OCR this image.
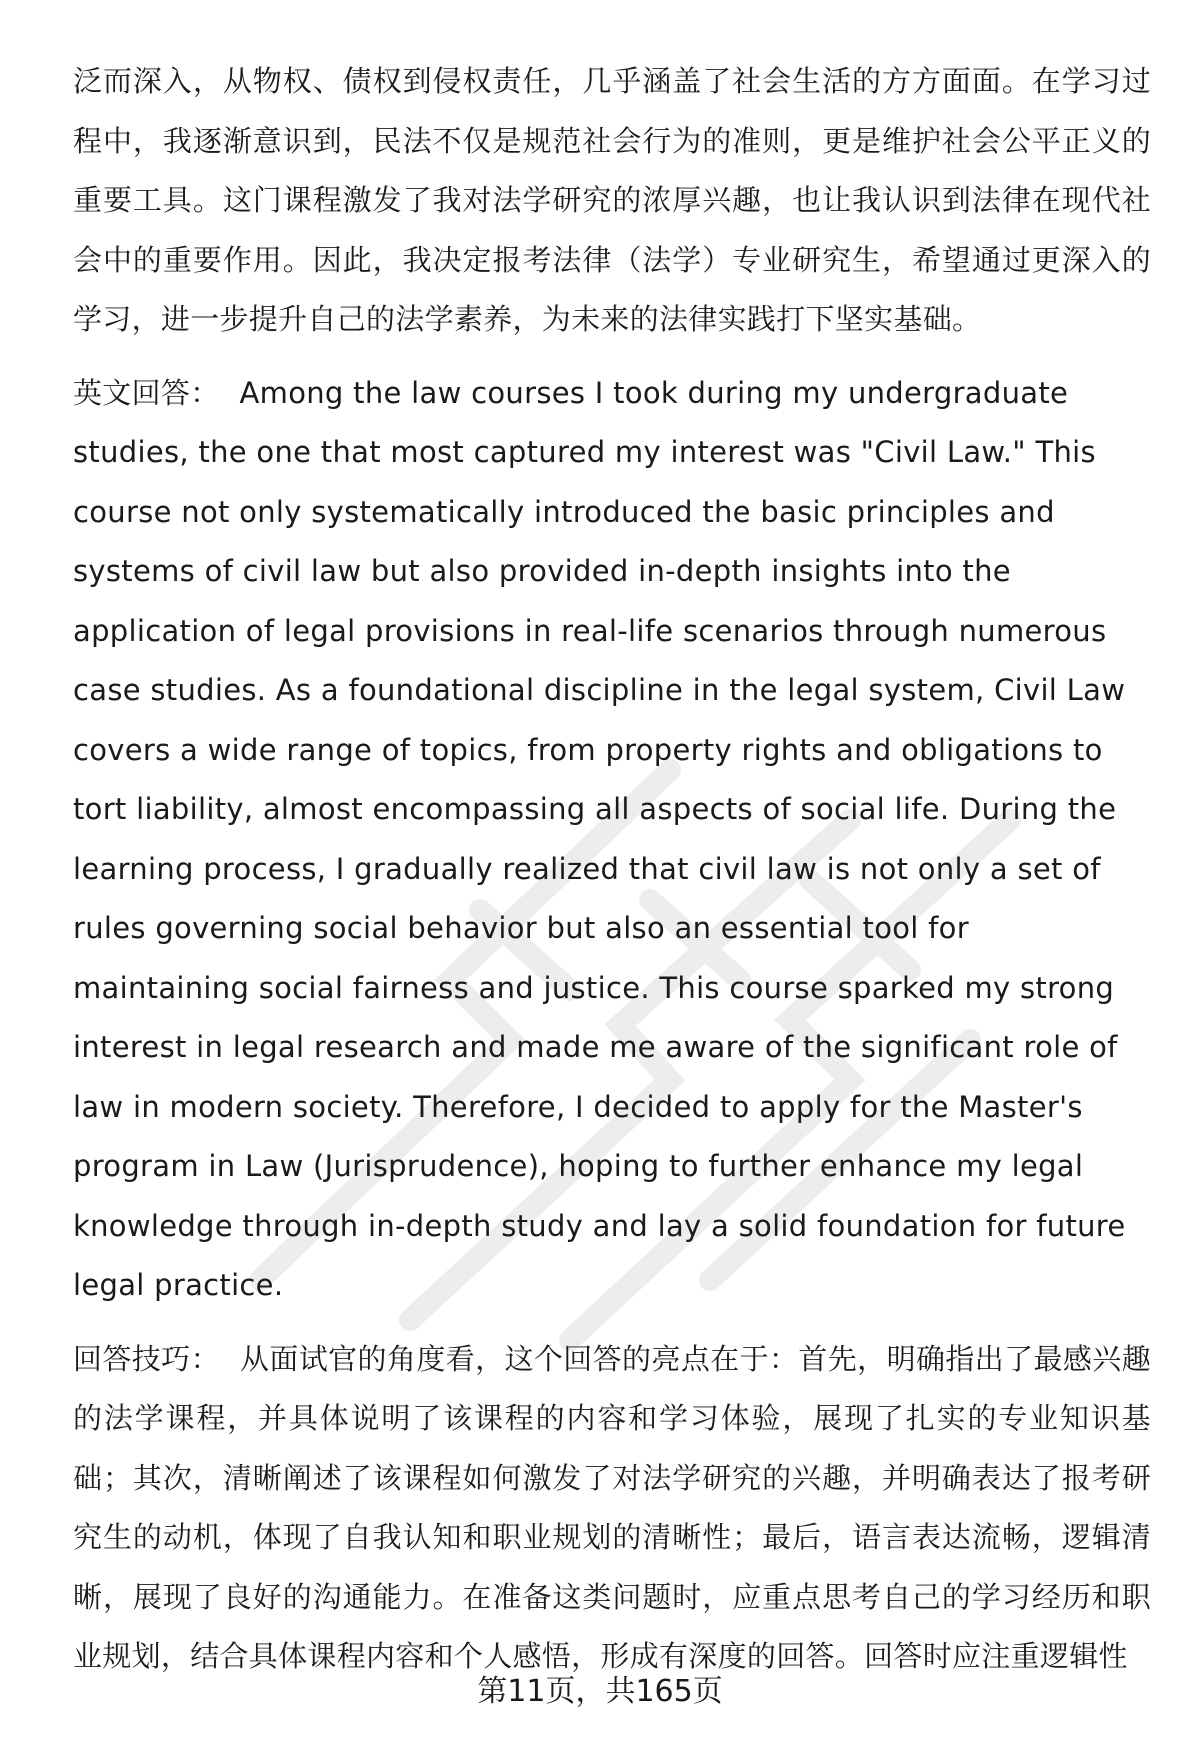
泛而深入，从物权、债权到侵权责任，几乎涵盖了社会生活的方方面面。在学习过程中，我逐渐意识到，民法不仅是规范社会行为的准则，更是维护社会公平正义的重要工具。这门课程激发了我对法学研究的浓厚兴趣，也让我认识到法律在现代社会中的重要作用。因此，我决定报考法律（法学）专业研究生，希望通过更深入的学习，进一步提升自己的法学素养，为未来的法律实践打下坚实基础。

英文回答： Among the law courses I took during my undergraduate studies, the one that most captured my interest was "Civil Law." This course not only systematically introduced the basic principles and systems of civil law but also provided in-depth insights into the application of legal provisions in real-life scenarios through numerous case studies. As a foundational discipline in the legal system, Civil Law covers a wide range of topics, from property rights and obligations to tort liability, almost encompassing all aspects of social life. During the learning process, I gradually realized that civil law is not only a set of rules governing social behavior but also an essential tool for maintaining social fairness and justice. This course sparked my strong interest in legal research and made me aware of the significant role of law in modern society. Therefore, I decided to apply for the Master's program in Law (Jurisprudence), hoping to further enhance my legal knowledge through in-depth study and lay a solid foundation for future legal practice.

回答技巧： 从面试官的角度看，这个回答的亮点在于：首先，明确指出了最感兴趣的法学课程，并具体说明了该课程的内容和学习体验，展现了扎实的专业知识基础；其次，清晰阐述了该课程如何激发了对法学研究的兴趣，并明确表达了报考研究生的动机，体现了自我认知和职业规划的清晰性；最后，语言表达流畅，逻辑清晰，展现了良好的沟通能力。在准备这类问题时，应重点思考自己的学习经历和职业规划，结合具体课程内容和个人感悟，形成有深度的回答。回答时应注重逻辑性

第11页，共165页
